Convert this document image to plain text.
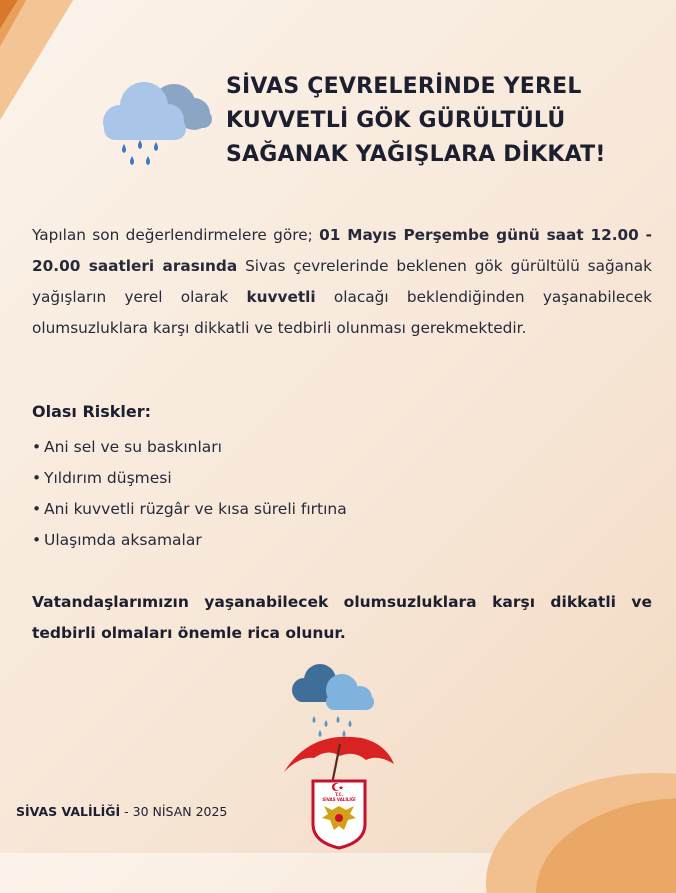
SİVAS ÇEVRELERİNDE YEREL
KUVVETLİ GÖK GÜRÜLTÜLÜ
SAĞANAK YAĞIŞLARA DİKKAT!
Yapılan son değerlendirmelere göre; 01 Mayıs Perşembe günü saat 12.00 - 20.00 saatleri arasında Sivas çevrelerinde beklenen gök gürültülü sağanak yağışların yerel olarak kuvvetli olacağı beklendiğinden yaşanabilecek olumsuzluklara karşı dikkatli ve tedbirli olunması gerekmektedir.
Olası Riskler:
• Ani sel ve su baskınları
• Yıldırım düşmesi
• Ani kuvvetli rüzgâr ve kısa süreli fırtına
• Ulaşımda aksamalar
Vatandaşlarımızın yaşanabilecek olumsuzluklara karşı dikkatli ve tedbirli olmaları önemle rica olunur.
T.C.
SİVAS VALİLİĞİ
SİVAS VALİLİĞİ - 30 NİSAN 2025
